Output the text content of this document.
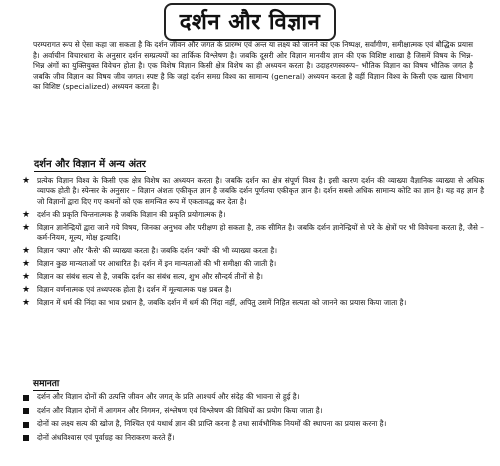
दर्शन और विज्ञान

परम्परागत रूप से ऐसा कहा जा सकता है कि दर्शन जीवन और जगत के प्रारम्भ एवं अन्त या लक्ष्य को जानने का एक निष्पक्ष, सर्वांगीण, समीक्षात्मक एवं बौद्धिक प्रयास है। अर्वाचीन विचारधारा के अनुसार दर्शन सम्प्रत्ययों का तार्किक विश्लेषण है। जबकि दूसरी ओर विज्ञान मानवीय ज्ञान की एक विशिष्ट शाखा है जिसमें विषय के भिन्न-भिन्न अंगों का युक्तियुक्त विवेचन होता है। एक विशेष विज्ञान किसी क्षेत्र विशेष का ही अध्ययन करता है। उदाहरणस्वरूप– भौतिक विज्ञान का विषय भौतिक जगत है जबकि जीव विज्ञान का विषय जीव जगत। स्पष्ट है कि जहां दर्शन समग्र विश्व का सामान्य (general) अध्ययन करता है वहीं विज्ञान विश्व के किसी एक खास विभाग का विशिष्ट (specialized) अध्ययन करता है।

दर्शन और विज्ञान में अन्य अंतर
★ प्रत्येक विज्ञान विश्व के किसी एक क्षेत्र विशेष का अध्ययन करता है। जबकि दर्शन का क्षेत्र संपूर्ण विश्व है। इसी कारण दर्शन की व्याख्या वैज्ञानिक व्याख्या से अधिक व्यापक होती है। स्पेन्सर के अनुसार – विज्ञान अंशतः एकीकृत ज्ञान है जबकि दर्शन पूर्णतया एकीकृत ज्ञान है। दर्शन सबसे अधिक सामान्य कोटि का ज्ञान है। यह वह ज्ञान है जो विज्ञानों द्वारा दिए गए कथनों को एक समन्वित रूप में एकतावद्ध कर देता है।
★ दर्शन की प्रकृति चिन्तनात्मक है जबकि विज्ञान की प्रकृति प्रयोगात्मक है।
★ विज्ञान ज्ञानेन्द्रियों द्वारा जाने गये विषय, जिनका अनुभव और परीक्षण हो सकता है, तक सीमित है। जबकि दर्शन ज्ञानेन्द्रियों से परे के क्षेत्रों पर भी विवेचना करता है, जैसे – कर्म-नियम, मूल्य, मोक्ष इत्यादि।
★ विज्ञान 'क्या' और 'कैसे' की व्याख्या करता है। जबकि दर्शन 'क्यों' की भी व्याख्या करता है।
★ विज्ञान कुछ मान्यताओं पर आधारित है। दर्शन में इन मान्यताओं की भी समीक्षा की जाती है।
★ विज्ञान का संबंध सत्य से है, जबकि दर्शन का संबंध सत्य, शुभ और सौन्दर्य तीनों से है।
★ विज्ञान वर्णनात्मक एवं तथ्यपरक होता है। दर्शन में मूल्यात्मक पक्ष प्रबल है।
★ विज्ञान में धर्म की निंदा का भाव प्रधान है, जबकि दर्शन में धर्म की निंदा नहीं, अपितु उसमें निहित सत्यता को जानने का प्रयास किया जाता है।
समानता
दर्शन और विज्ञान दोनों की उत्पत्ति जीवन और जगत् के प्रति आश्चर्य और संदेह की भावना से हुई है।
दर्शन और विज्ञान दोनों में आगमन और निगमन, संश्लेषण एवं विश्लेषण की विधियों का प्रयोग किया जाता है।
दोनों का लक्ष्य सत्य की खोज है, निश्चित एवं यथार्थ ज्ञान की प्राप्ति करना है तथा सार्वभौमिक नियमों की स्थापना का प्रयास करना है।
दोनों अंधविश्वास एवं पूर्वाग्रह का निराकरण करते हैं।
